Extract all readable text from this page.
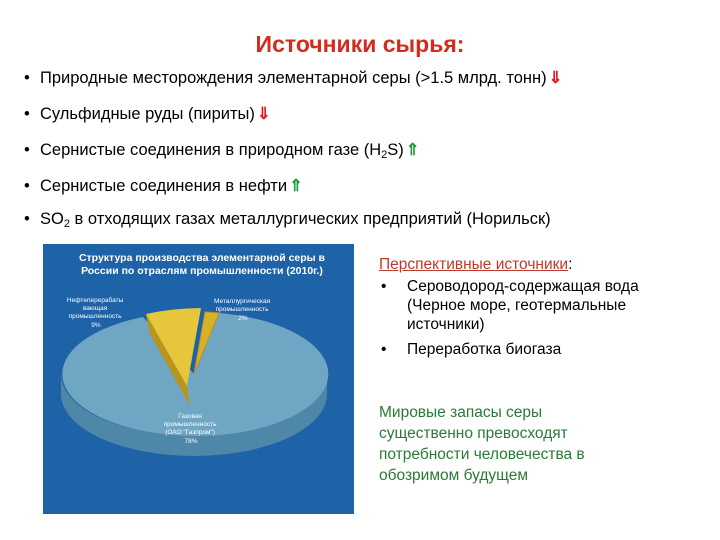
Источники сырья:
• Природные месторождения элементарной серы (>1.5 млрд. тонн) ⇓
• Сульфидные руды (пириты) ⇓
• Сернистые соединения в природном газе $(H_2S)$ ⇑
• Сернистые соединения в нефти ⇑
• $SO_2$ в отходящих газах металлургических предприятий (Норильск)
Нефтеперерабаты вающая промышленность 9%
Металлургическая промышленность 2%
Газовая промышленность (ОАО "Газпром") 78%
Структура производства элементарной серы в России по отраслям промышленности (2010г.)	Перспективные источники:
• Сероводород-содержащая вода
(Черное море, геотермальные
источники)
• Переработка биогаза
Мировые запасы серы
существенно превосходят
потребности человечества в
обозримом будущем
